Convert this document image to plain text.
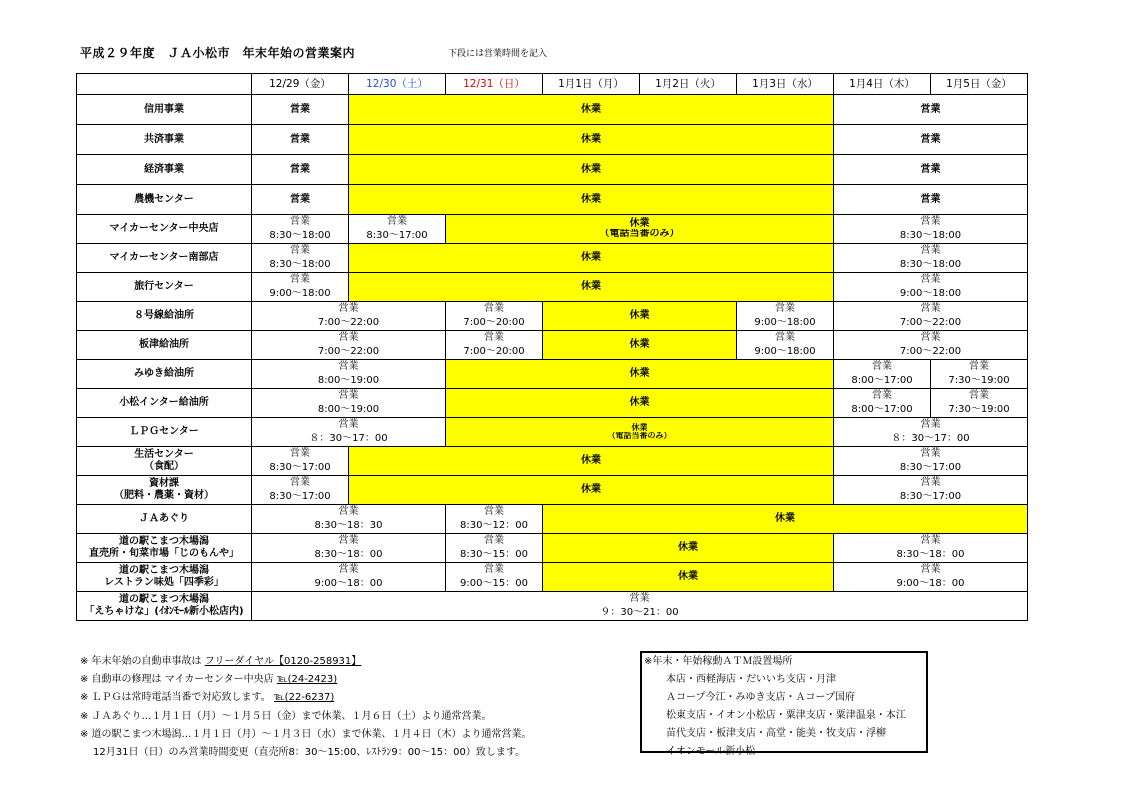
平成２９年度　ＪＡ小松市　年末年始の営業案内	下段には営業時間を記入
	12/29（金）	12/30（土）	12/31（日）	1月1日（月）	1月2日（火）	1月3日（水）	1月4日（木）	1月5日（金）
信用事業	営業	休業					営業	
共済事業	営業	休業					営業	
経済事業	営業	休業					営業	
農機センター	営業	休業					営業	
マイカーセンター中央店	営業	営業	休業				営業	
	8:30〜18:00	8:30〜17:00	（電話当番のみ）				8:30〜18:00	
マイカーセンター南部店	営業	休業					営業	
	8:30〜18:00						8:30〜18:00	
旅行センター	営業	休業					営業	
	9:00〜18:00						9:00〜18:00	
８号線給油所	営業		営業	休業		営業	営業	
	7:00〜22:00		7:00〜20:00			9:00〜18:00	7:00〜22:00	
板津給油所	営業		営業	休業		営業	営業	
	7:00〜22:00		7:00〜20:00			9:00〜18:00	7:00〜22:00	
みゆき給油所	営業		休業				営業	営業
	8:00〜19:00						8:00〜17:00	7:30〜19:00
小松インター給油所	営業		休業				営業	営業
	8:00〜19:00						8:00〜17:00	7:30〜19:00
ＬＰＧセンター	営業		休業				営業	
	８：30〜17：00		（電話当番のみ）				８：30〜17：00	
生活センター
（食配）	営業	休業					営業	
	8:30〜17:00						8:30〜17:00	
資材課
（肥料・農薬・資材）	営業	休業					営業	
	8:30〜17:00						8:30〜17:00	
ＪＡあぐり	営業		営業	休業				
	8:30〜18：30		8:30〜12：00					
道の駅こまつ木場潟
直売所・旬菜市場「じのもんや」	営業		営業	休業			営業	
	8:30〜18：00		8:30〜15：00				8:30〜18：00	
道の駅こまつ木場潟
レストラン味処「四季彩」	営業		営業	休業			営業	
	9:00〜18：00		9:00〜15：00				9:00〜18：00	
道の駅こまつ木場潟
「えちゃけな」(ｲｵﾝﾓｰﾙ新小松店内)	営業							
	９：30〜21：00							
※ 年末年始の自動車事故は フリーダイヤル【0120-258931】
※ 自動車の修理は マイカーセンター中央店 ℡(24-2423)
※ ＬＰＧは常時電話当番で対応致します。 ℡(22-6237)
※ ＪＡあぐり…１月１日（月）〜１月５日（金）まで休業、１月６日（土）より通常営業。
※ 道の駅こまつ木場潟…１月１日（月）〜１月３日（水）まで休業、１月４日（木）より通常営業。
12月31日（日）のみ営業時間変更（直売所8：30〜15:00、ﾚｽﾄﾗﾝ9：00〜15：00）致します。
※年末・年始稼動ＡＴＭ設置場所
本店・西軽海店・だいいち支店・月津
Ａコープ今江・みゆき支店・Ａコープ国府
松東支店・イオン小松店・粟津支店・粟津温泉・本江
苗代支店・板津支店・高堂・能美・牧支店・浮柳
イオンモール新小松
